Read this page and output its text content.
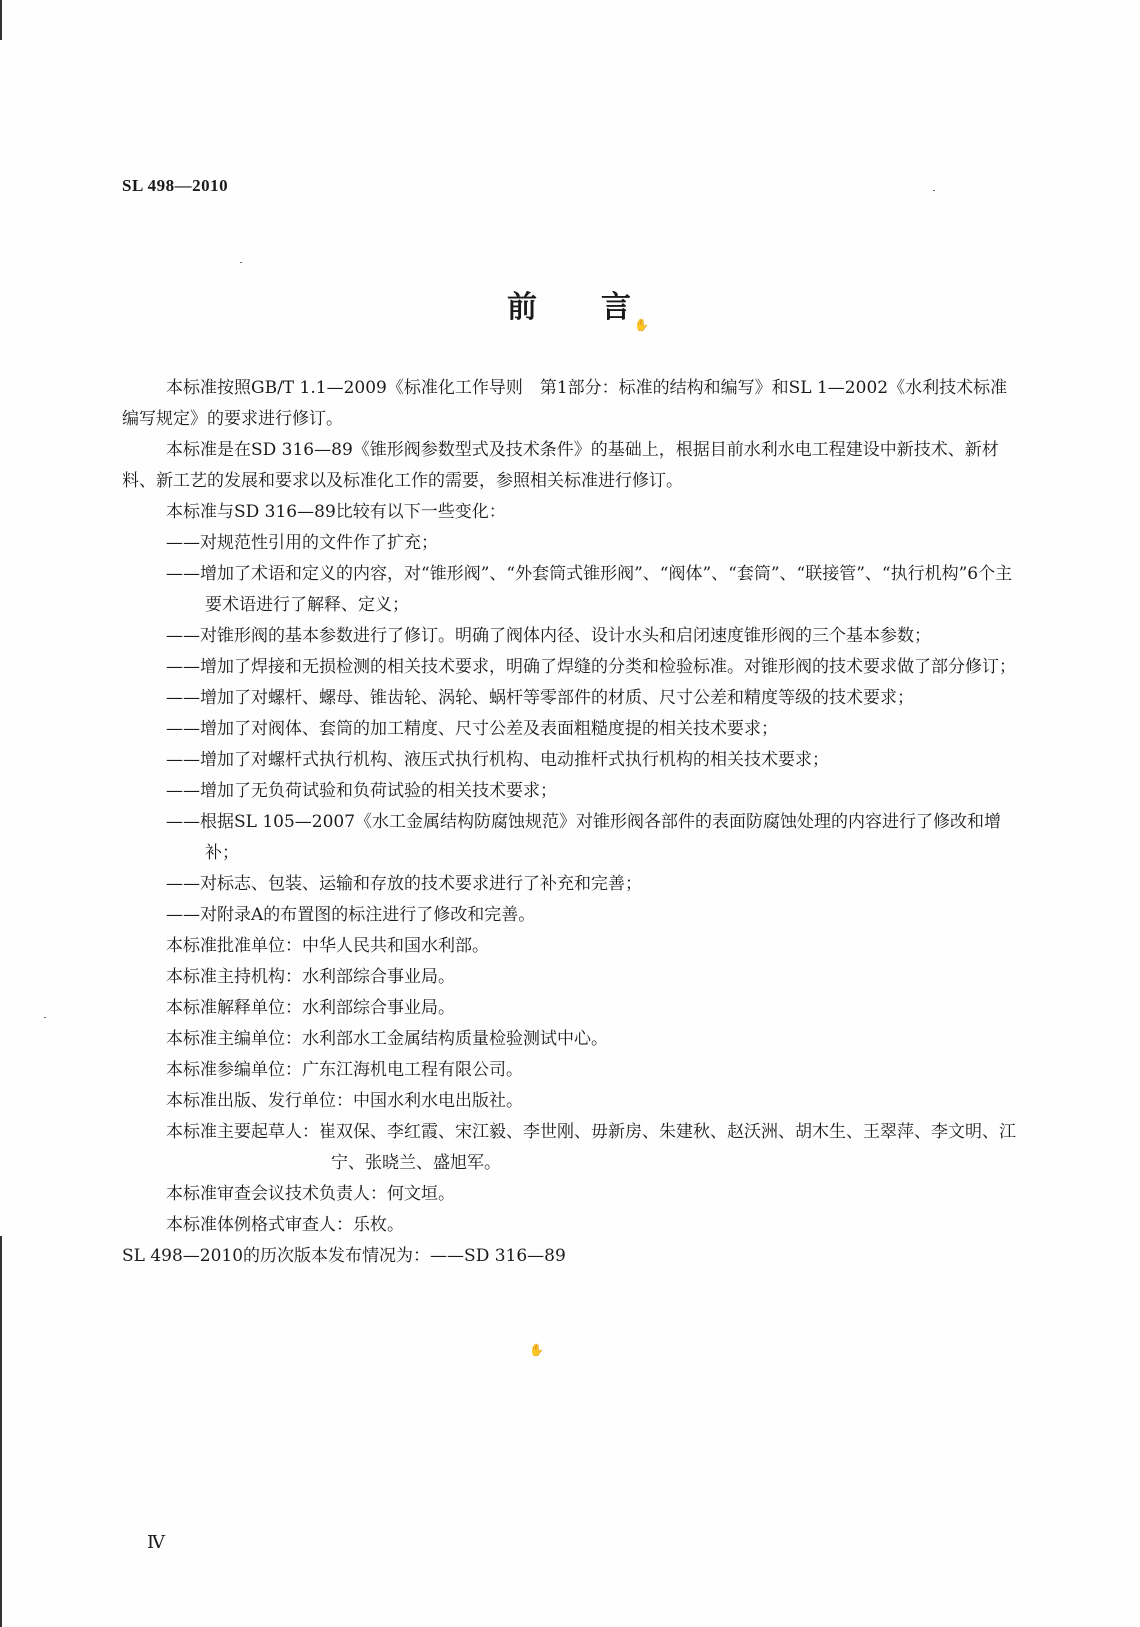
SL 498—2010
前 言 ✋

本标准按照GB/T 1.1—2009《标准化工作导则　第1部分：标准的结构和编写》和SL 1—2002《水利技术标准编写规定》的要求进行修订。

本标准是在SD 316—89《锥形阀参数型式及技术条件》的基础上，根据目前水利水电工程建设中新技术、新材料、新工艺的发展和要求以及标准化工作的需要，参照相关标准进行修订。

本标准与SD 316—89比较有以下一些变化：

——对规范性引用的文件作了扩充；

——增加了术语和定义的内容，对“锥形阀”、“外套筒式锥形阀”、“阀体”、“套筒”、“联接管”、“执行机构”6个主要术语进行了解释、定义；

——对锥形阀的基本参数进行了修订。明确了阀体内径、设计水头和启闭速度锥形阀的三个基本参数；

——增加了焊接和无损检测的相关技术要求，明确了焊缝的分类和检验标准。对锥形阀的技术要求做了部分修订；

——增加了对螺杆、螺母、锥齿轮、涡轮、蜗杆等零部件的材质、尺寸公差和精度等级的技术要求；

——增加了对阀体、套筒的加工精度、尺寸公差及表面粗糙度提的相关技术要求；

——增加了对螺杆式执行机构、液压式执行机构、电动推杆式执行机构的相关技术要求；

——增加了无负荷试验和负荷试验的相关技术要求；

——根据SL 105—2007《水工金属结构防腐蚀规范》对锥形阀各部件的表面防腐蚀处理的内容进行了修改和增补；

——对标志、包装、运输和存放的技术要求进行了补充和完善；

——对附录A的布置图的标注进行了修改和完善。

本标准批准单位：中华人民共和国水利部。

本标准主持机构：水利部综合事业局。

本标准解释单位：水利部综合事业局。

本标准主编单位：水利部水工金属结构质量检验测试中心。

本标准参编单位：广东江海机电工程有限公司。

本标准出版、发行单位：中国水利水电出版社。

本标准主要起草人：崔双保、李红霞、宋江毅、李世刚、毋新房、朱建秋、赵沃洲、胡木生、王翠萍、李文明、江宁、张晓兰、盛旭军。

本标准审查会议技术负责人：何文垣。

本标准体例格式审查人：乐枚。

SL 498—2010的历次版本发布情况为：——SD 316—89

✋
Ⅳ
